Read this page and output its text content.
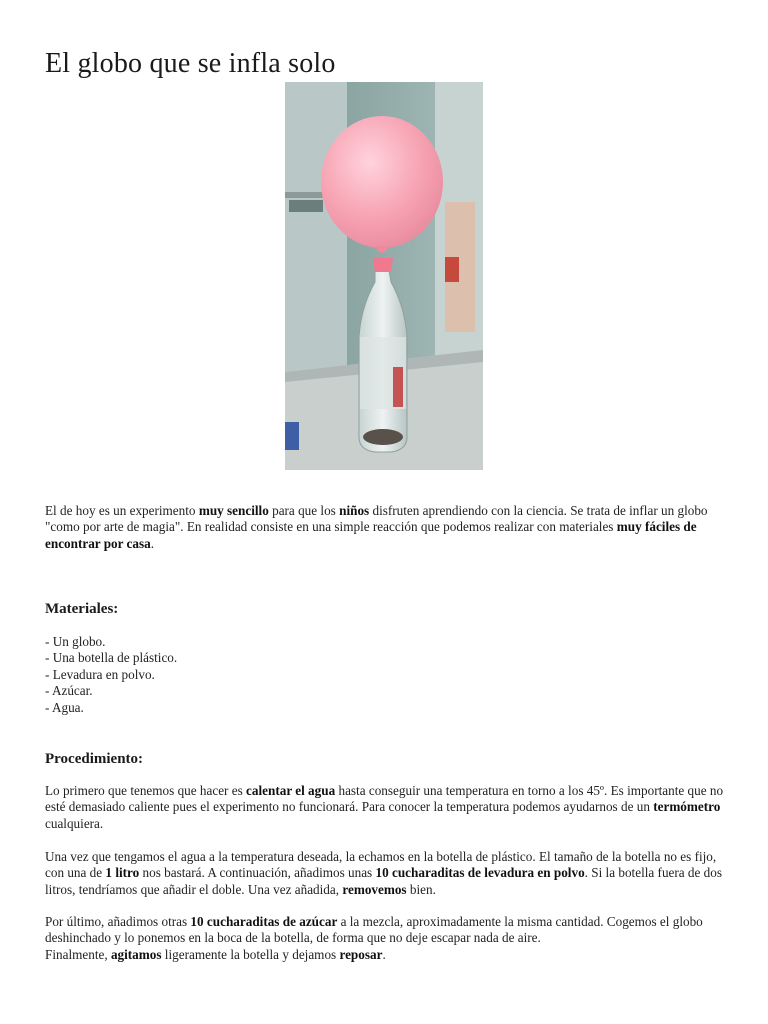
El globo que se infla solo
El de hoy es un experimento muy sencillo para que los niños disfruten aprendiendo con la ciencia. Se trata de inflar un globo "como por arte de magia". En realidad consiste en una simple reacción que podemos realizar con materiales muy fáciles de encontrar por casa.
Materiales:
- Un globo.
- Una botella de plástico.
- Levadura en polvo.
- Azúcar.
- Agua.
Procedimiento:
Lo primero que tenemos que hacer es calentar el agua hasta conseguir una temperatura en torno a los 45º. Es importante que no esté demasiado caliente pues el experimento no funcionará. Para conocer la temperatura podemos ayudarnos de un termómetro cualquiera.
Una vez que tengamos el agua a la temperatura deseada, la echamos en la botella de plástico. El tamaño de la botella no es fijo, con una de 1 litro nos bastará. A continuación, añadimos unas 10 cucharaditas de levadura en polvo. Si la botella fuera de dos litros, tendríamos que añadir el doble. Una vez añadida, removemos bien.
Por último, añadimos otras 10 cucharaditas de azúcar a la mezcla, aproximadamente la misma cantidad. Cogemos el globo deshinchado y lo ponemos en la boca de la botella, de forma que no deje escapar nada de aire.
Finalmente, agitamos ligeramente la botella y dejamos reposar.
